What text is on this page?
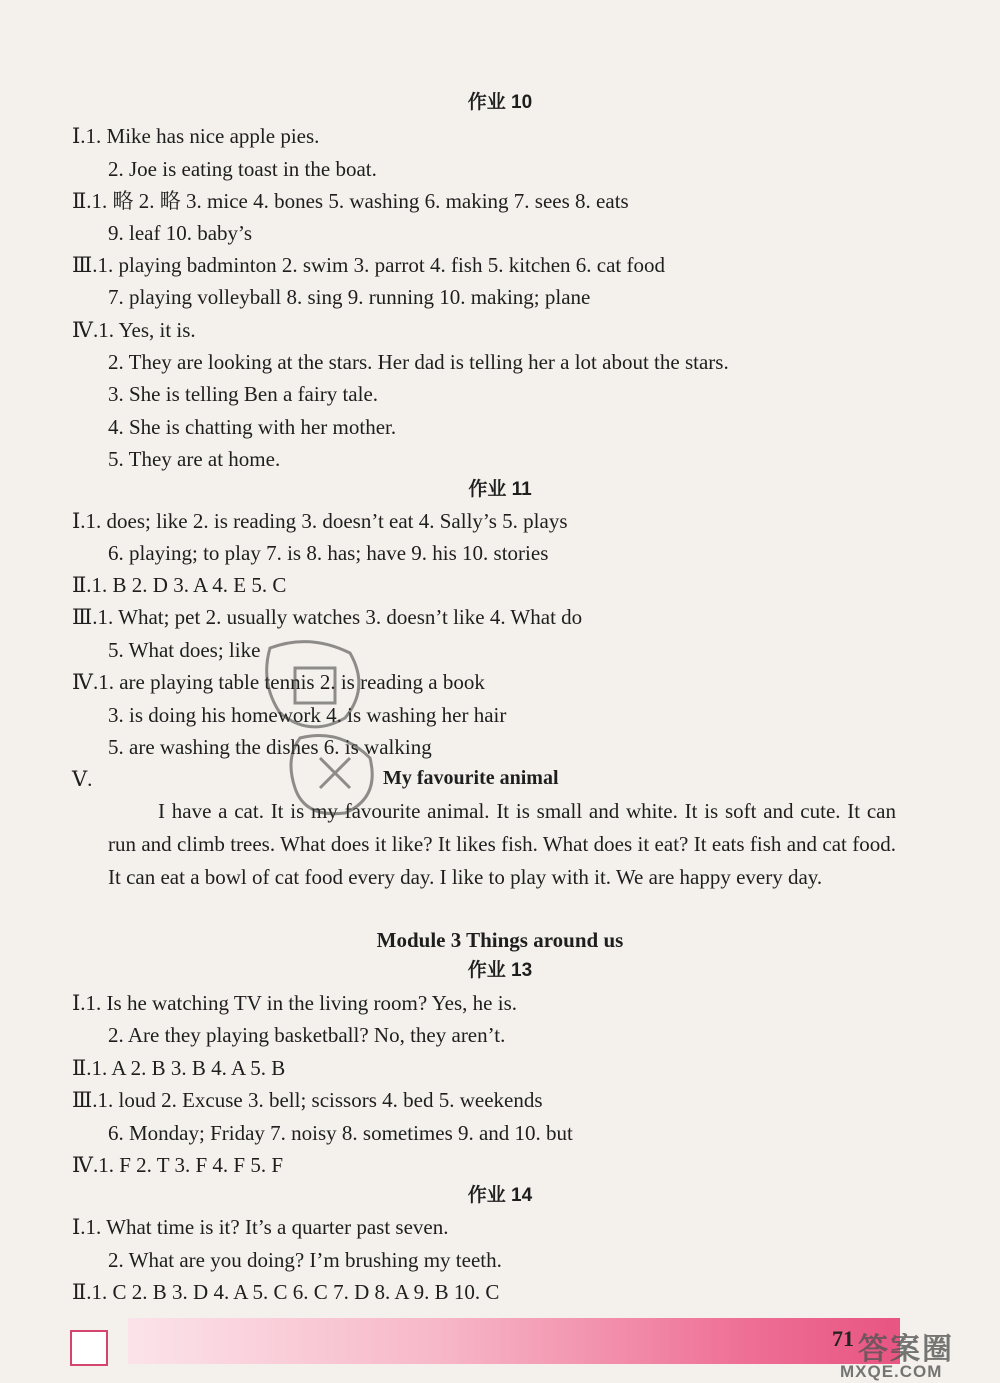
作业 10
Ⅰ.1. Mike has nice apple pies.
2. Joe is eating toast in the boat.
Ⅱ.1. 略 2. 略 3. mice 4. bones 5. washing 6. making 7. sees 8. eats
9. leaf 10. baby’s
Ⅲ.1. playing badminton 2. swim 3. parrot 4. fish 5. kitchen 6. cat food
7. playing volleyball 8. sing 9. running 10. making; plane
Ⅳ.1. Yes, it is.
2. They are looking at the stars. Her dad is telling her a lot about the stars.
3. She is telling Ben a fairy tale.
4. She is chatting with her mother.
5. They are at home.
作业 11
Ⅰ.1. does; like 2. is reading 3. doesn’t eat 4. Sally’s 5. plays
6. playing; to play 7. is 8. has; have 9. his 10. stories
Ⅱ.1. B 2. D 3. A 4. E 5. C
Ⅲ.1. What; pet 2. usually watches 3. doesn’t like 4. What do
5. What does; like
Ⅳ.1. are playing table tennis 2. is reading a book
3. is doing his homework 4. is washing her hair
5. are washing the dishes 6. is walking
Ⅴ.	My favourite animal
I have a cat. It is my favourite animal. It is small and white. It is soft and cute. It can run and climb trees. What does it like? It likes fish. What does it eat? It eats fish and cat food. It can eat a bowl of cat food every day. I like to play with it. We are happy every day.
Module 3 Things around us
作业 13
Ⅰ.1. Is he watching TV in the living room? Yes, he is.
2. Are they playing basketball? No, they aren’t.
Ⅱ.1. A 2. B 3. B 4. A 5. B
Ⅲ.1. loud 2. Excuse 3. bell; scissors 4. bed 5. weekends
6. Monday; Friday 7. noisy 8. sometimes 9. and 10. but
Ⅳ.1. F 2. T 3. F 4. F 5. F
作业 14
Ⅰ.1. What time is it? It’s a quarter past seven.
2. What are you doing? I’m brushing my teeth.
Ⅱ.1. C 2. B 3. D 4. A 5. C 6. C 7. D 8. A 9. B 10. C
71 答案圈
MXQE.COM
